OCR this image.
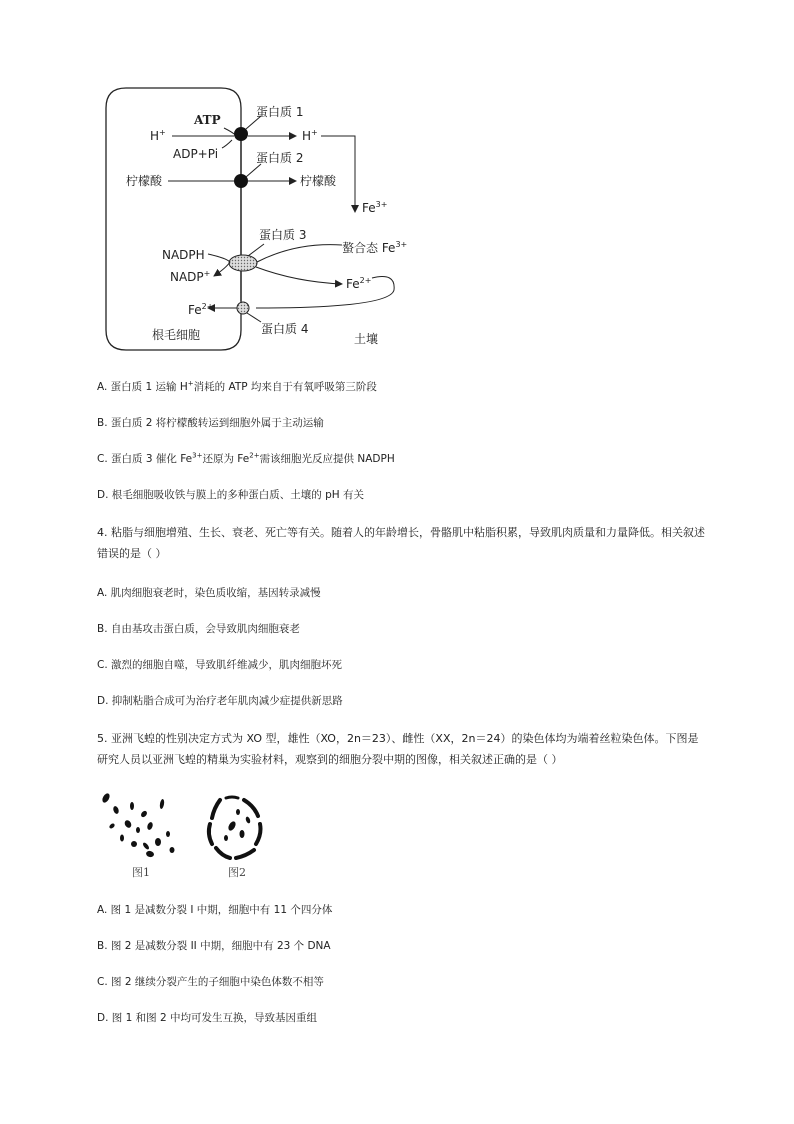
蛋白质 1
ATP
H+
ADP+Pi
H+
蛋白质 2
柠檬酸	柠檬酸
$Fe^{3+}$
螯合态 $Fe^{3+}$
蛋白质 3
NADPH
NADP+
$Fe^{2+}$
$Fe^{2+}$
蛋白质 4
根毛细胞	土壤
A. 蛋白质 1 运输 H+消耗的 ATP 均来自于有氧呼吸第三阶段
B. 蛋白质 2 将柠檬酸转运到细胞外属于主动运输
C. 蛋白质 3 催化 $Fe^{3+}$还原为 $Fe^{2+}$需该细胞光反应提供 NADPH
D. 根毛细胞吸收铁与膜上的多种蛋白质、土壤的 pH 有关
4. 粘脂与细胞增殖、生长、衰老、死亡等有关。随着人的年龄增长，骨骼肌中粘脂积累，导致肌肉质量和力量降低。相关叙述错误的是（ ）
A. 肌肉细胞衰老时，染色质收缩，基因转录减慢
B. 自由基攻击蛋白质，会导致肌肉细胞衰老
C. 激烈的细胞自噬，导致肌纤维减少，肌肉细胞坏死
D. 抑制粘脂合成可为治疗老年肌肉减少症提供新思路
5. 亚洲飞蝗的性别决定方式为 XO 型，雄性（XO，2n＝23）、雌性（XX，2n＝24）的染色体均为端着丝粒染色体。下图是研究人员以亚洲飞蝗的精巢为实验材料，观察到的细胞分裂中期的图像，相关叙述正确的是（ ）
图1	图2
A. 图 1 是减数分裂 I 中期，细胞中有 11 个四分体
B. 图 2 是减数分裂 II 中期，细胞中有 23 个 DNA
C. 图 2 继续分裂产生的子细胞中染色体数不相等
D. 图 1 和图 2 中均可发生互换，导致基因重组
